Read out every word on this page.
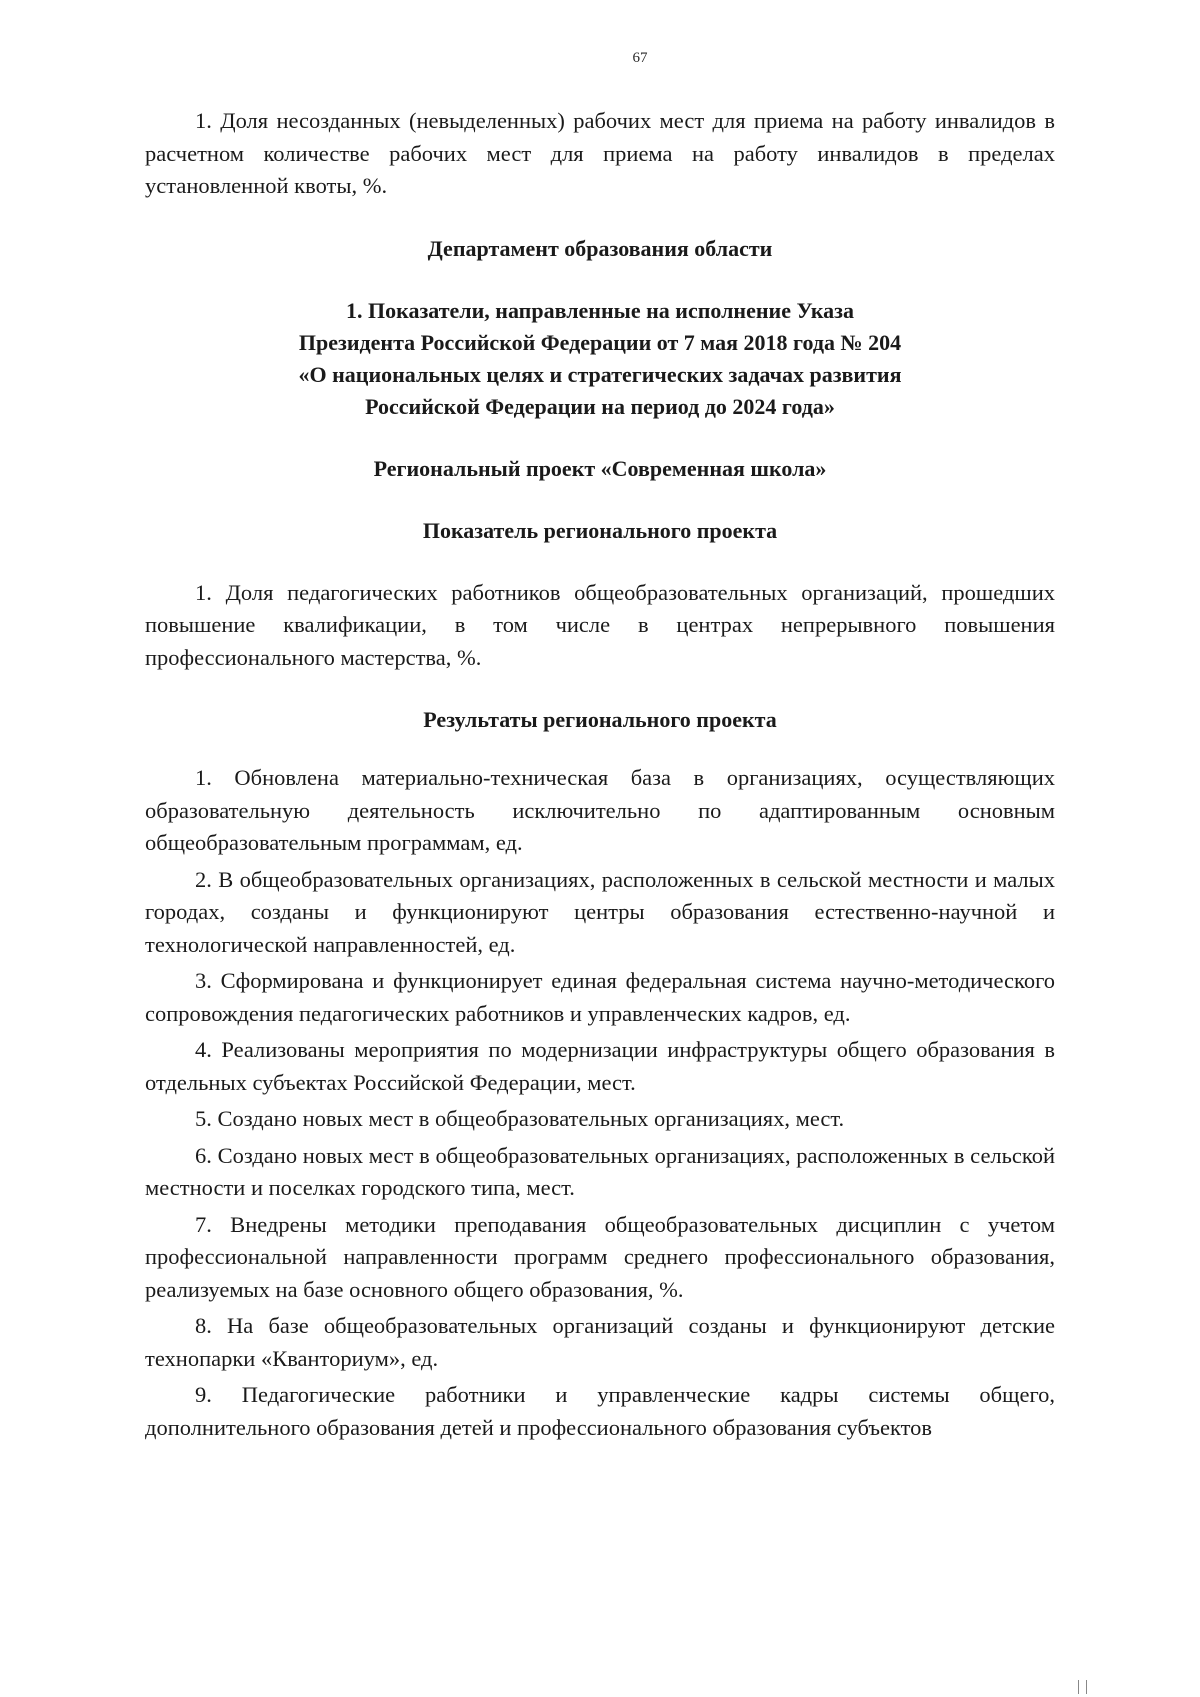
67

1. Доля несозданных (невыделенных) рабочих мест для приема на работу инвалидов в расчетном количестве рабочих мест для приема на работу инвалидов в пределах установленной квоты, %.

Департамент образования области

1. Показатели, направленные на исполнение Указа
Президента Российской Федерации от 7 мая 2018 года № 204
«О национальных целях и стратегических задачах развития
Российской Федерации на период до 2024 года»

Региональный проект «Современная школа»

Показатель регионального проекта

1. Доля педагогических работников общеобразовательных организаций, прошедших повышение квалификации, в том числе в центрах непрерывного повышения профессионального мастерства, %.

Результаты регионального проекта

1. Обновлена материально-техническая база в организациях, осуществляющих образовательную деятельность исключительно по адаптированным основным общеобразовательным программам, ед.

2. В общеобразовательных организациях, расположенных в сельской местности и малых городах, созданы и функционируют центры образования естественно-научной и технологической направленностей, ед.

3. Сформирована и функционирует единая федеральная система научно-методического сопровождения педагогических работников и управленческих кадров, ед.

4. Реализованы мероприятия по модернизации инфраструктуры общего образования в отдельных субъектах Российской Федерации, мест.

5. Создано новых мест в общеобразовательных организациях, мест.

6. Создано новых мест в общеобразовательных организациях, расположенных в сельской местности и поселках городского типа, мест.

7. Внедрены методики преподавания общеобразовательных дисциплин с учетом профессиональной направленности программ среднего профессионального образования, реализуемых на базе основного общего образования, %.

8. На базе общеобразовательных организаций созданы и функционируют детские технопарки «Кванториум», ед.

9. Педагогические работники и управленческие кадры системы общего, дополнительного образования детей и профессионального образования субъектов
